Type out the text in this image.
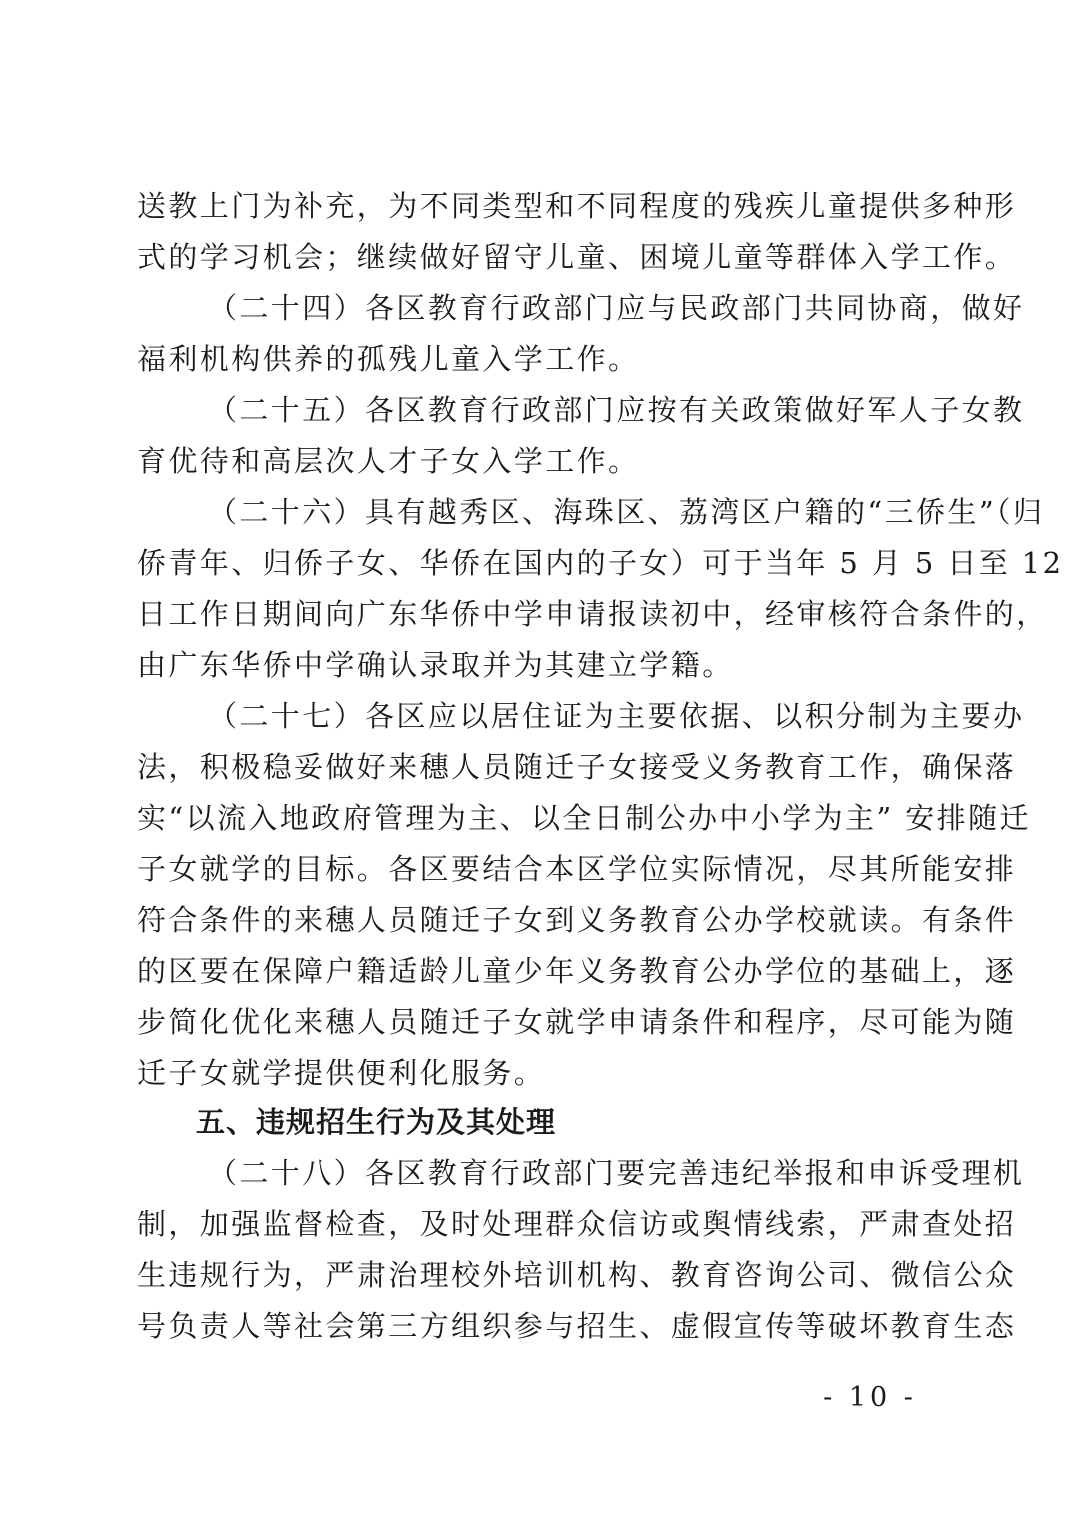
送教上门为补充，为不同类型和不同程度的残疾儿童提供多种形
式的学习机会；继续做好留守儿童、困境儿童等群体入学工作。
（二十四）各区教育行政部门应与民政部门共同协商，做好
福利机构供养的孤残儿童入学工作。
（二十五）各区教育行政部门应按有关政策做好军人子女教
育优待和高层次人才子女入学工作。
（二十六）具有越秀区、海珠区、荔湾区户籍的“三侨生”（归
侨青年、归侨子女、华侨在国内的子女）可于当年 5 月 5 日至 12
日工作日期间向广东华侨中学申请报读初中，经审核符合条件的，
由广东华侨中学确认录取并为其建立学籍。
（二十七）各区应以居住证为主要依据、以积分制为主要办
法，积极稳妥做好来穗人员随迁子女接受义务教育工作，确保落
实“以流入地政府管理为主、以全日制公办中小学为主” 安排随迁
子女就学的目标。各区要结合本区学位实际情况，尽其所能安排
符合条件的来穗人员随迁子女到义务教育公办学校就读。有条件
的区要在保障户籍适龄儿童少年义务教育公办学位的基础上，逐
步简化优化来穗人员随迁子女就学申请条件和程序，尽可能为随
迁子女就学提供便利化服务。
五、违规招生行为及其处理
（二十八）各区教育行政部门要完善违纪举报和申诉受理机
制，加强监督检查，及时处理群众信访或舆情线索，严肃查处招
生违规行为，严肃治理校外培训机构、教育咨询公司、微信公众
号负责人等社会第三方组织参与招生、虚假宣传等破坏教育生态
- 10 -
